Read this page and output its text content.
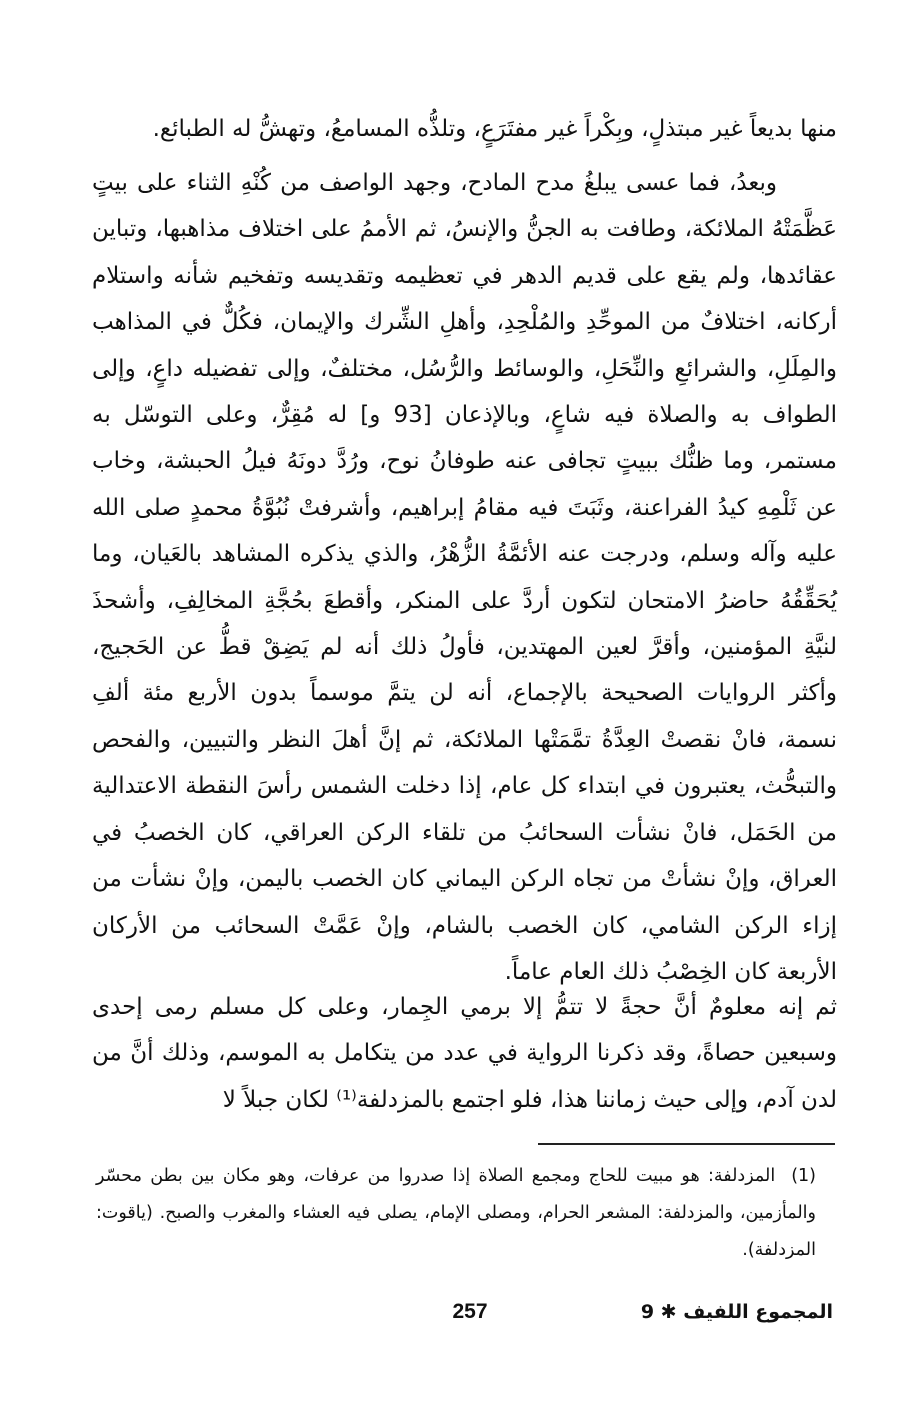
منها بديعاً غير مبتذلٍ، وبِكْراً غير مفتَرَعٍ، وتلذُّه المسامعُ، وتهشُّ له الطبائع.

وبعدُ، فما عسى يبلغُ مدح المادح، وجهد الواصف من كُنْهِ الثناء على بيتٍ عَظَّمَتْهُ الملائكة، وطافت به الجنُّ والإنسُ، ثم الأممُ على اختلاف مذاهبها، وتباين عقائدها، ولم يقع على قديم الدهر في تعظيمه وتقديسه وتفخيم شأنه واستلام أركانه، اختلافٌ من الموحِّدِ والمُلْحِدِ، وأهلِ الشِّرك والإيمان، فكُلٌّ في المذاهب والمِلَلِ، والشرائعِ والنِّحَلِ، والوسائط والرُّسُل، مختلفٌ، وإلى تفضيله داعٍ، وإلى الطواف به والصلاة فيه شاعٍ، وبالإذعان [93 و] له مُقِرٌّ، وعلى التوسّل به مستمر، وما ظنُّك ببيتٍ تجافى عنه طوفانُ نوح، ورُدَّ دونَهُ فيلُ الحبشة، وخاب عن ثَلْمِهِ كيدُ الفراعنة، وثَبَتَ فيه مقامُ إبراهيم، وأشرفتْ نُبُوَّةُ محمدٍ صلى الله عليه وآله وسلم، ودرجت عنه الأئمَّةُ الزُّهْرُ، والذي يذكره المشاهد بالعَيان، وما يُحَقِّقُهُ حاضرُ الامتحان لتكون أردَّ على المنكر، وأقطعَ بحُجَّةِ المخالِفِ، وأشحذَ لنيَّةِ المؤمنين، وأقرَّ لعين المهتدين، فأولُ ذلك أنه لم يَضِقْ قطُّ عن الحَجيج، وأكثر الروايات الصحيحة بالإجماع، أنه لن يتمَّ موسماً بدون الأربع مئة ألفِ نسمة، فانْ نقصتْ العِدَّةُ تمَّمَتْها الملائكة، ثم إنَّ أهلَ النظر والتبيين، والفحص والتبحُّث، يعتبرون في ابتداء كل عام، إذا دخلت الشمس رأسَ النقطة الاعتدالية من الحَمَل، فانْ نشأت السحائبُ من تلقاء الركن العراقي، كان الخصبُ في العراق، وإنْ نشأتْ من تجاه الركن اليماني كان الخصب باليمن، وإنْ نشأت من إزاء الركن الشامي، كان الخصب بالشام، وإنْ عَمَّتْ السحائب من الأركان الأربعة كان الخِصْبُ ذلك العام عاماً.

ثم إنه معلومٌ أنَّ حجةً لا تتمُّ إلا برمي الجِمار، وعلى كل مسلم رمى إحدى وسبعين حصاةً، وقد ذكرنا الرواية في عدد من يتكامل به الموسم، وذلك أنَّ من لدن آدم، وإلى حيث زماننا هذا، فلو اجتمع بالمزدلفة⁽¹⁾ لكان جبلاً لا

(1)المزدلفة: هو مبيت للحاج ومجمع الصلاة إذا صدروا من عرفات، وهو مكان بين بطن محسّر والمأزمين، والمزدلفة: المشعر الحرام، ومصلى الإمام، يصلى فيه العشاء والمغرب والصبح. (ياقوت: المزدلفة).
257	المجموع اللفيف ✱ 9
